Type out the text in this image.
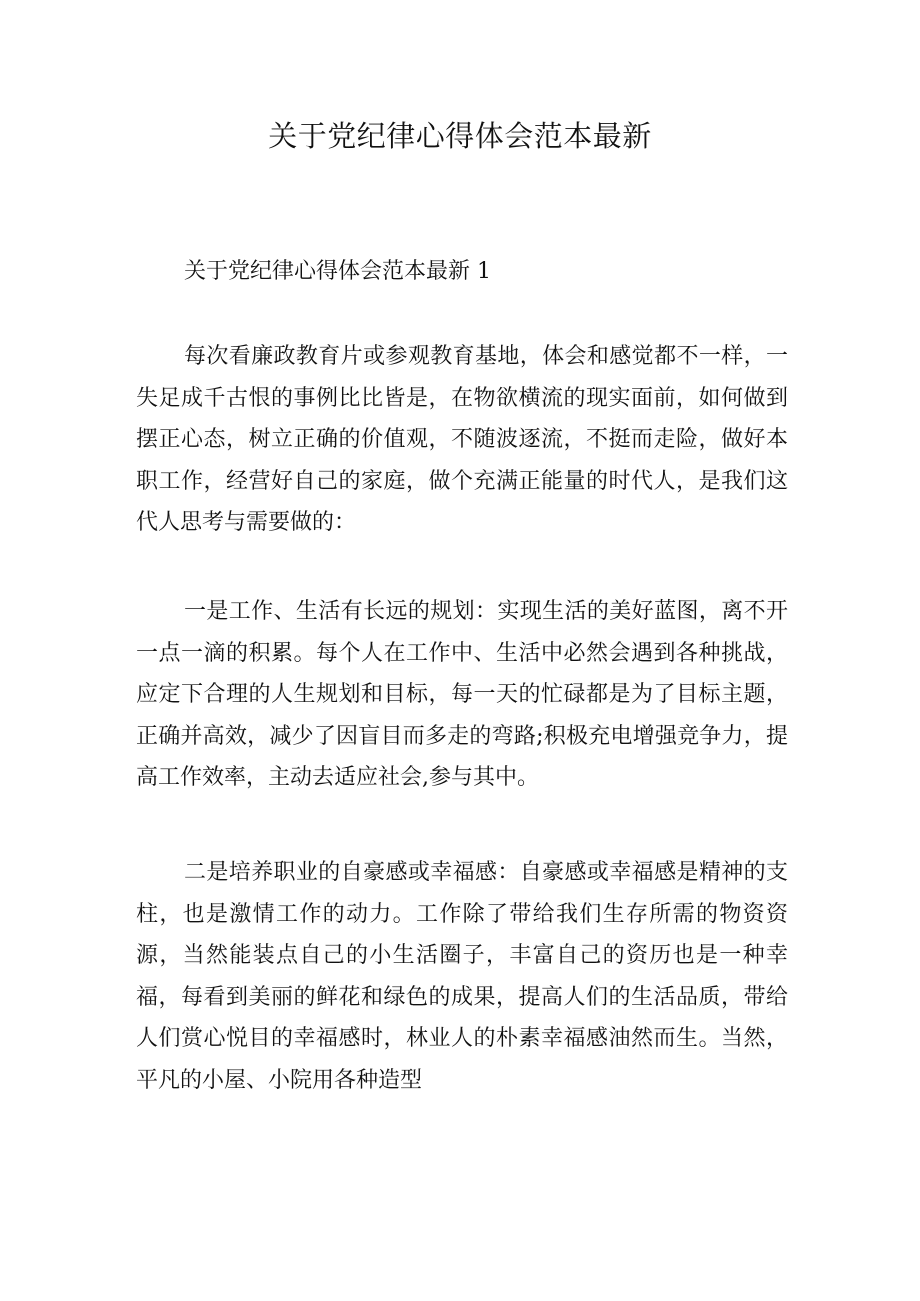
关于党纪律心得体会范本最新

关于党纪律心得体会范本最新 1

每次看廉政教育片或参观教育基地，体会和感觉都不一样，一失足成千古恨的事例比比皆是，在物欲横流的现实面前，如何做到摆正心态，树立正确的价值观，不随波逐流，不挺而走险，做好本职工作，经营好自己的家庭，做个充满正能量的时代人，是我们这代人思考与需要做的：

一是工作、生活有长远的规划：实现生活的美好蓝图，离不开一点一滴的积累。每个人在工作中、生活中必然会遇到各种挑战，应定下合理的人生规划和目标，每一天的忙碌都是为了目标主题，正确并高效，减少了因盲目而多走的弯路;积极充电增强竞争力，提高工作效率，主动去适应社会,参与其中。

二是培养职业的自豪感或幸福感：自豪感或幸福感是精神的支柱，也是激情工作的动力。工作除了带给我们生存所需的物资资源，当然能装点自己的小生活圈子，丰富自己的资历也是一种幸福，每看到美丽的鲜花和绿色的成果，提高人们的生活品质，带给人们赏心悦目的幸福感时，林业人的朴素幸福感油然而生。当然，平凡的小屋、小院用各种造型
